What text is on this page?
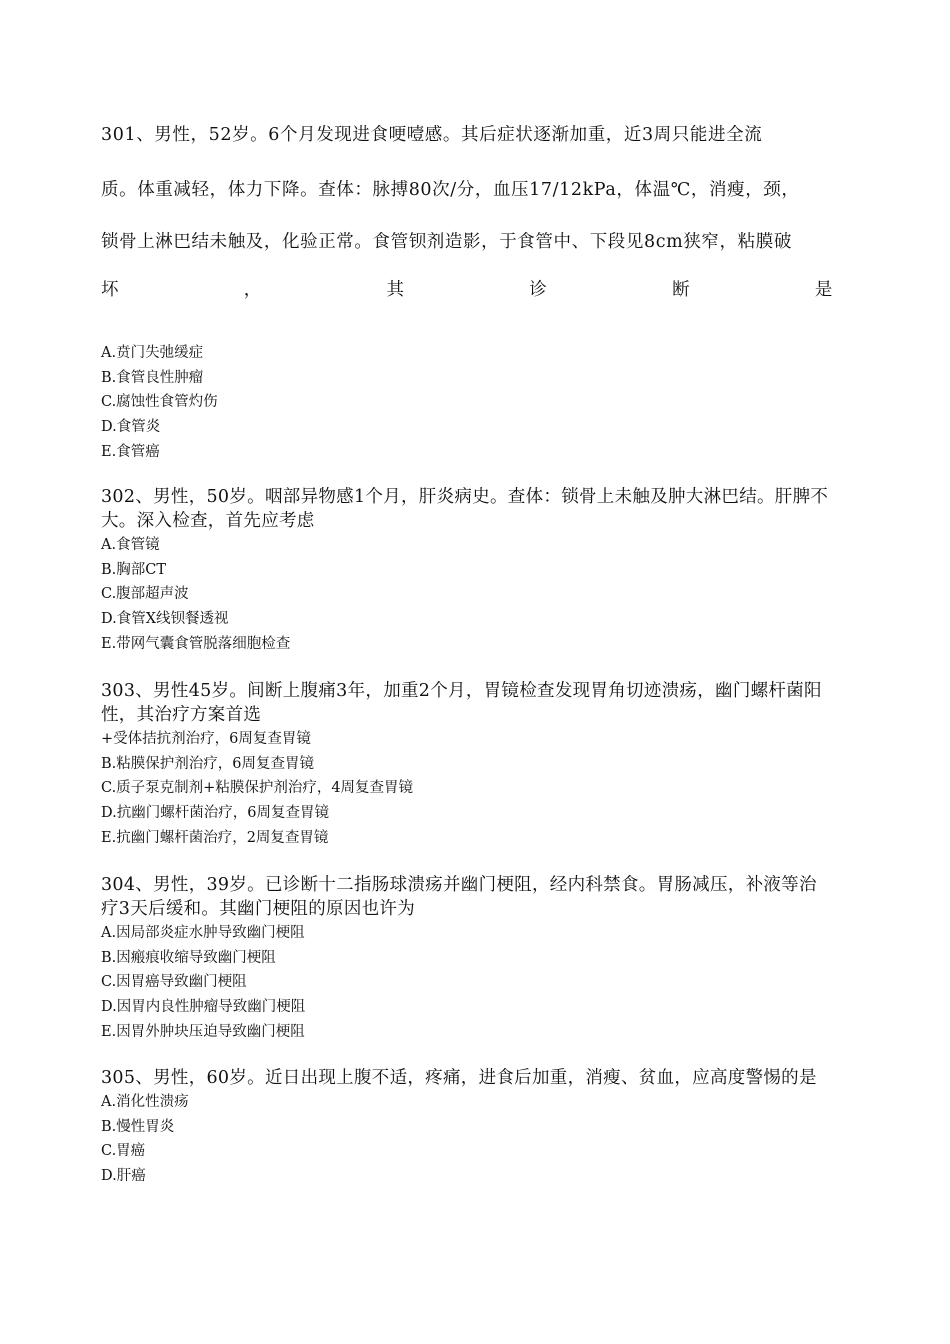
301、男性，52岁。6个月发现进食哽噎感。其后症状逐渐加重，近3周只能进全流
质。体重减轻，体力下降。查体：脉搏80次/分，血压17/12kPa，体温℃，消瘦，颈，
锁骨上淋巴结未触及，化验正常。食管钡剂造影，于食管中、下段见8cm狭窄，粘膜破
坏	，	其	诊	断	是
A.贲门失弛缓症
B.食管良性肿瘤
C.腐蚀性食管灼伤
D.食管炎
E.食管癌
302、男性，50岁。咽部异物感1个月，肝炎病史。查体：锁骨上未触及肿大淋巴结。肝脾不大。深入检查，首先应考虑
A.食管镜
B.胸部CT
C.腹部超声波
D.食管X线钡餐透视
E.带网气囊食管脱落细胞检查
303、男性45岁。间断上腹痛3年，加重2个月，胃镜检查发现胃角切迹溃疡，幽门螺杆菌阳性，其治疗方案首选
+受体拮抗剂治疗，6周复查胃镜
B.粘膜保护剂治疗，6周复查胃镜
C.质子泵克制剂+粘膜保护剂治疗，4周复查胃镜
D.抗幽门螺杆菌治疗，6周复查胃镜
E.抗幽门螺杆菌治疗，2周复查胃镜
304、男性，39岁。已诊断十二指肠球溃疡并幽门梗阻，经内科禁食。胃肠减压，补液等治疗3天后缓和。其幽门梗阻的原因也许为
A.因局部炎症水肿导致幽门梗阻
B.因瘢痕收缩导致幽门梗阻
C.因胃癌导致幽门梗阻
D.因胃内良性肿瘤导致幽门梗阻
E.因胃外肿块压迫导致幽门梗阻
305、男性，60岁。近日出现上腹不适，疼痛，进食后加重，消瘦、贫血，应高度警惕的是
A.消化性溃疡
B.慢性胃炎
C.胃癌
D.肝癌
